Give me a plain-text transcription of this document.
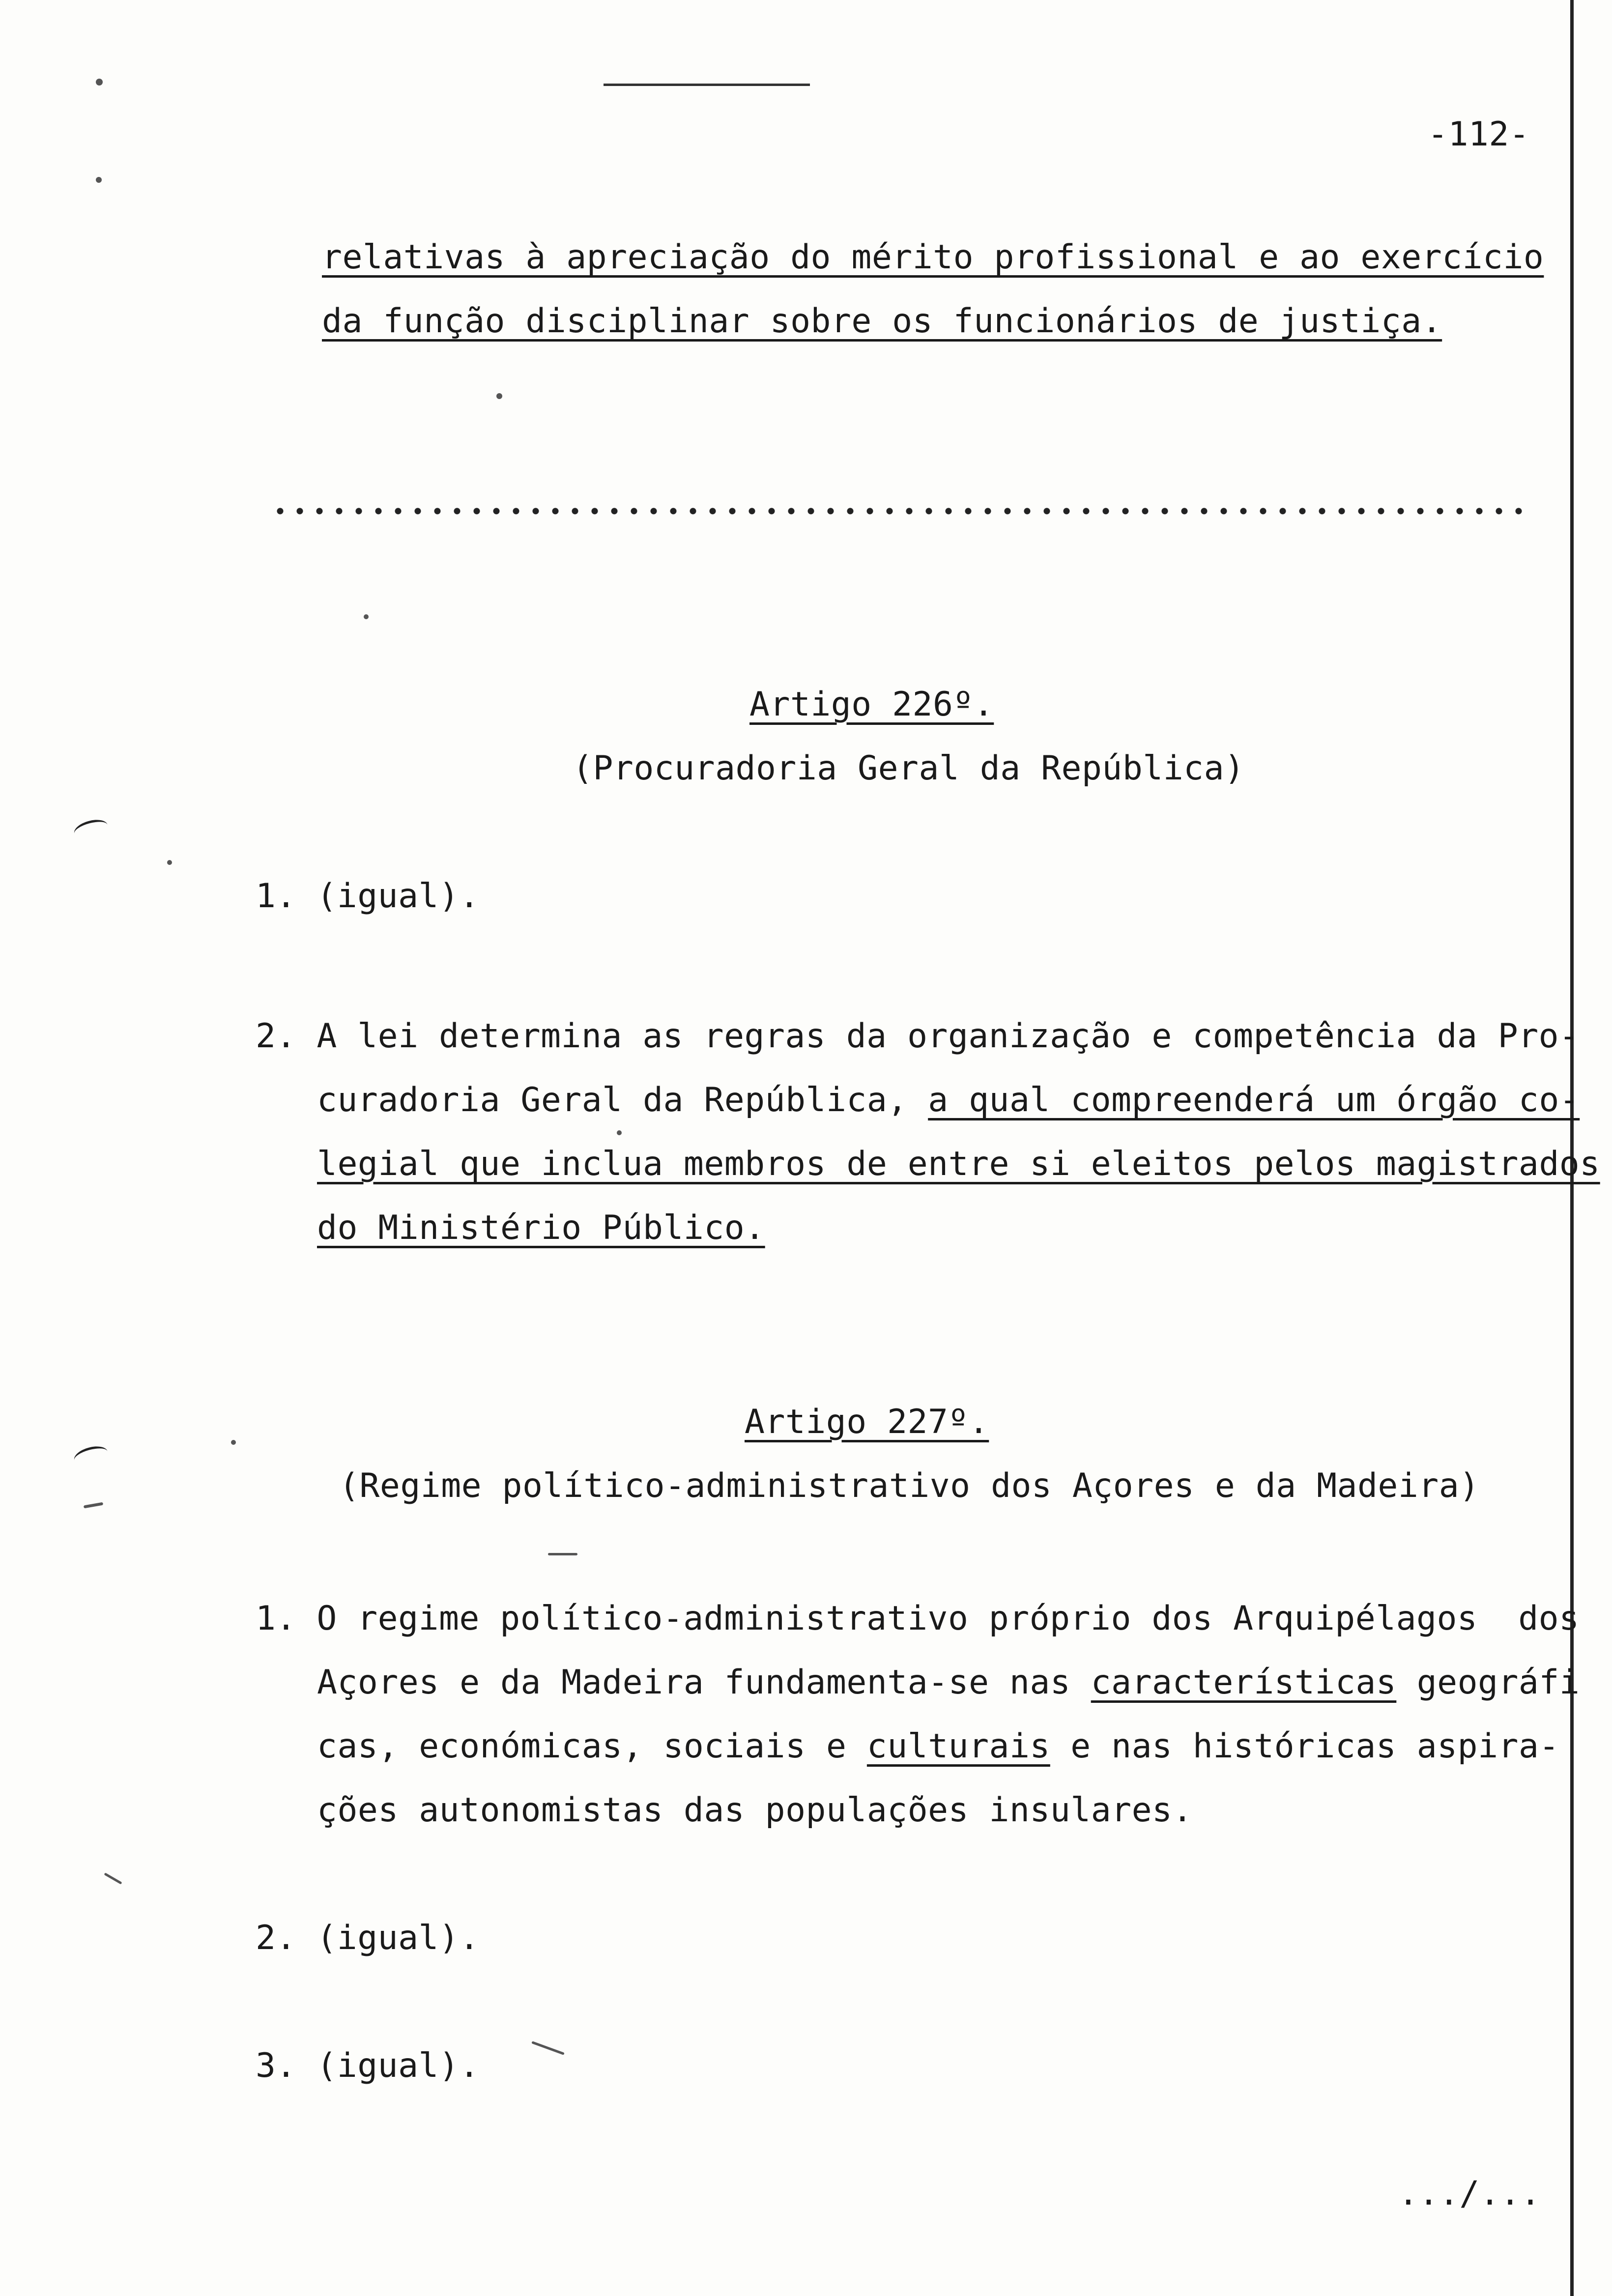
-112-
relativas à apreciação do mérito profissional e ao exercício
da função disciplinar sobre os funcionários de justiça.
Artigo 226º.
(Procuradoria Geral da República)
1. (igual).
2. A lei determina as regras da organização e competência da Pro-
curadoria Geral da República, a qual compreenderá um órgão co-
legial que inclua membros de entre si eleitos pelos magistrados
do Ministério Público.
Artigo 227º.
(Regime político-administrativo dos Açores e da Madeira)
1. O regime político-administrativo próprio dos Arquipélagos  dos
Açores e da Madeira fundamenta-se nas características geográfi
cas, económicas, sociais e culturais e nas históricas aspira-
ções autonomistas das populações insulares.
2. (igual).
3. (igual).
.../...
